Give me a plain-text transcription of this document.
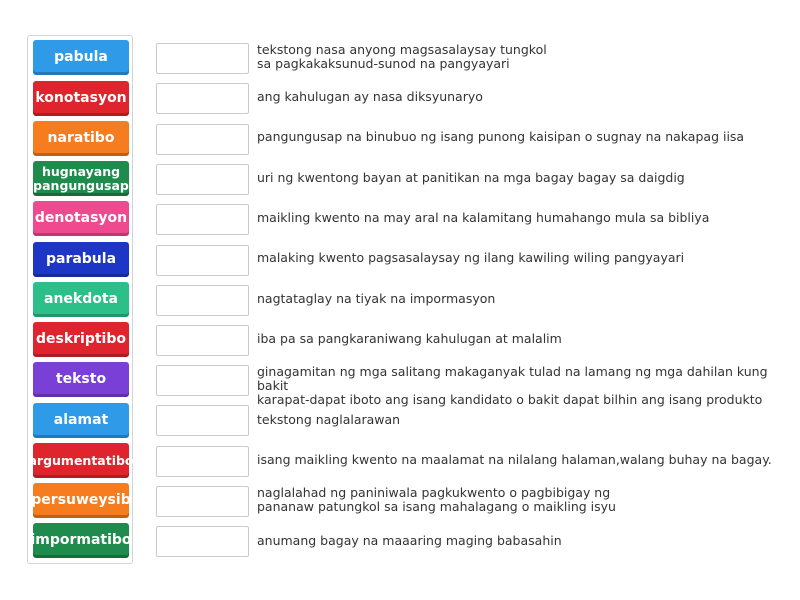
pabula
konotasyon
naratibo
hugnayang pangungusap
denotasyon
parabula
anekdota
deskriptibo
teksto
alamat
argumentatibo
persuweysib
impormatibo
tekstong nasa anyong magsasalaysay tungkol
sa pagkakaksunud-sunod na pangyayari
ang kahulugan ay nasa diksyunaryo
pangungusap na binubuo ng isang punong kaisipan o sugnay na nakapag iisa
uri ng kwentong bayan at panitikan na mga bagay bagay sa daigdig
maikling kwento na may aral na kalamitang humahango mula sa bibliya
malaking kwento pagsasalaysay ng ilang kawiling wiling pangyayari
nagtataglay na tiyak na impormasyon
iba pa sa pangkaraniwang kahulugan at malalim
ginagamitan ng mga salitang makaganyak tulad na lamang ng mga dahilan kung bakit
karapat-dapat iboto ang isang kandidato o bakit dapat bilhin ang isang produkto
tekstong naglalarawan
isang maikling kwento na maalamat na nilalang halaman,walang buhay na bagay.
naglalahad ng paniniwala pagkukwento o pagbibigay ng
pananaw patungkol sa isang mahalagang o maikling isyu
anumang bagay na maaaring maging babasahin
